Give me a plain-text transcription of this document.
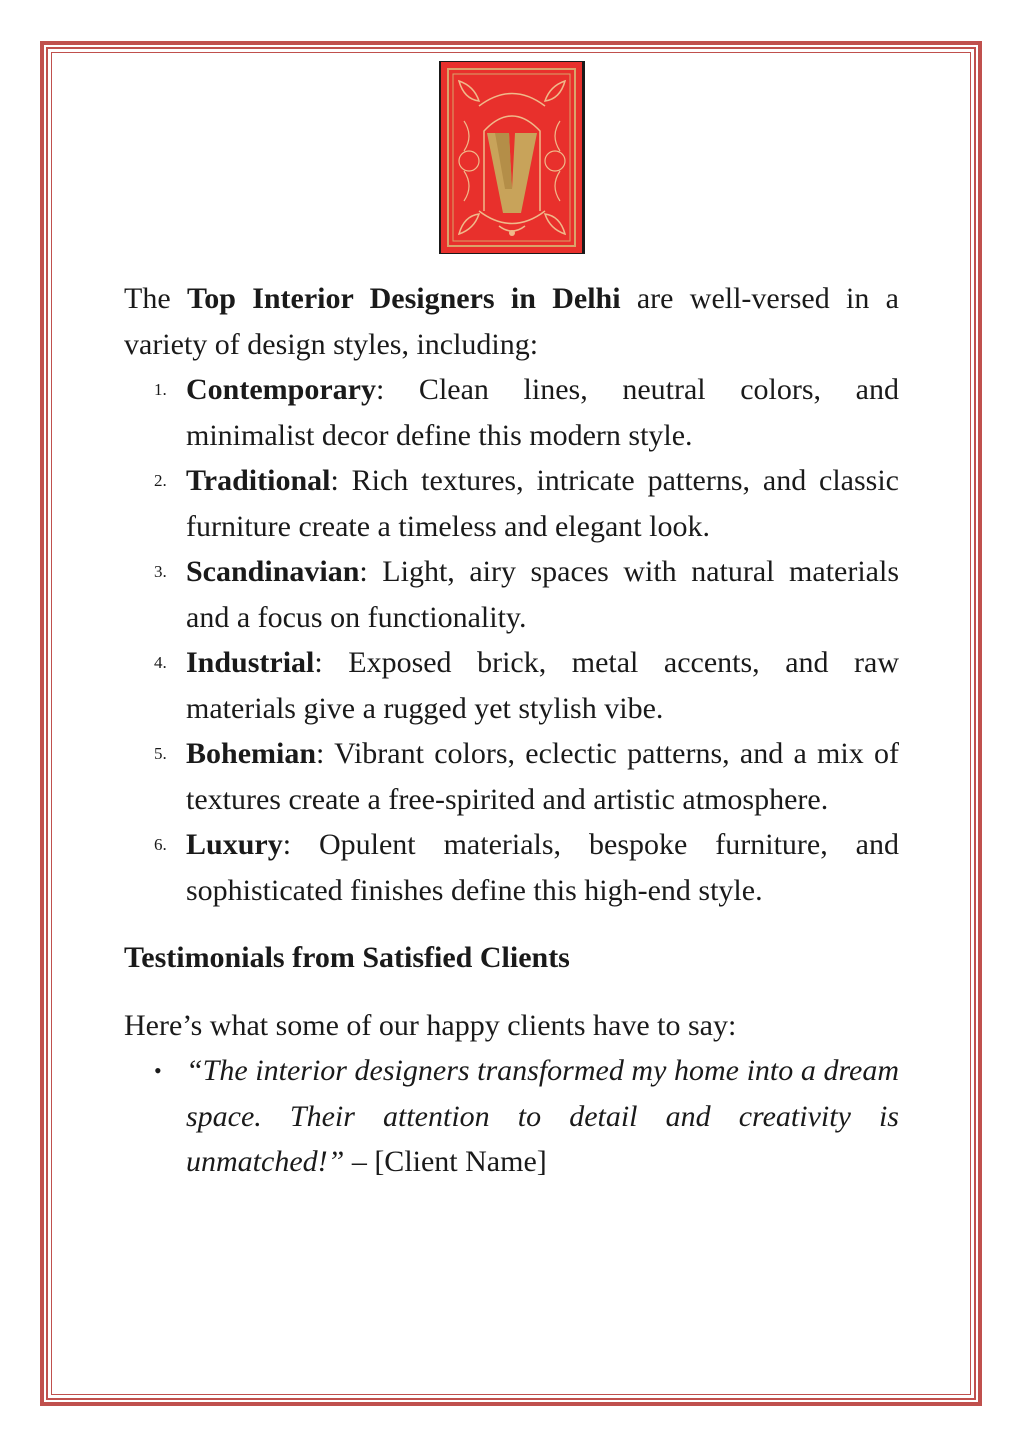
The Top Interior Designers in Delhi are well-versed in a variety of design styles, including:

1. Contemporary: Clean lines, neutral colors, and minimalist decor define this modern style.
2. Traditional: Rich textures, intricate patterns, and classic furniture create a timeless and elegant look.
3. Scandinavian: Light, airy spaces with natural materials and a focus on functionality.
4. Industrial: Exposed brick, metal accents, and raw materials give a rugged yet stylish vibe.
5. Bohemian: Vibrant colors, eclectic patterns, and a mix of textures create a free-spirited and artistic atmosphere.
6. Luxury: Opulent materials, bespoke furniture, and sophisticated finishes define this high-end style.
Testimonials from Satisfied Clients

Here’s what some of our happy clients have to say:

• “The interior designers transformed my home into a dream space. Their attention to detail and creativity is unmatched!” – [Client Name]
